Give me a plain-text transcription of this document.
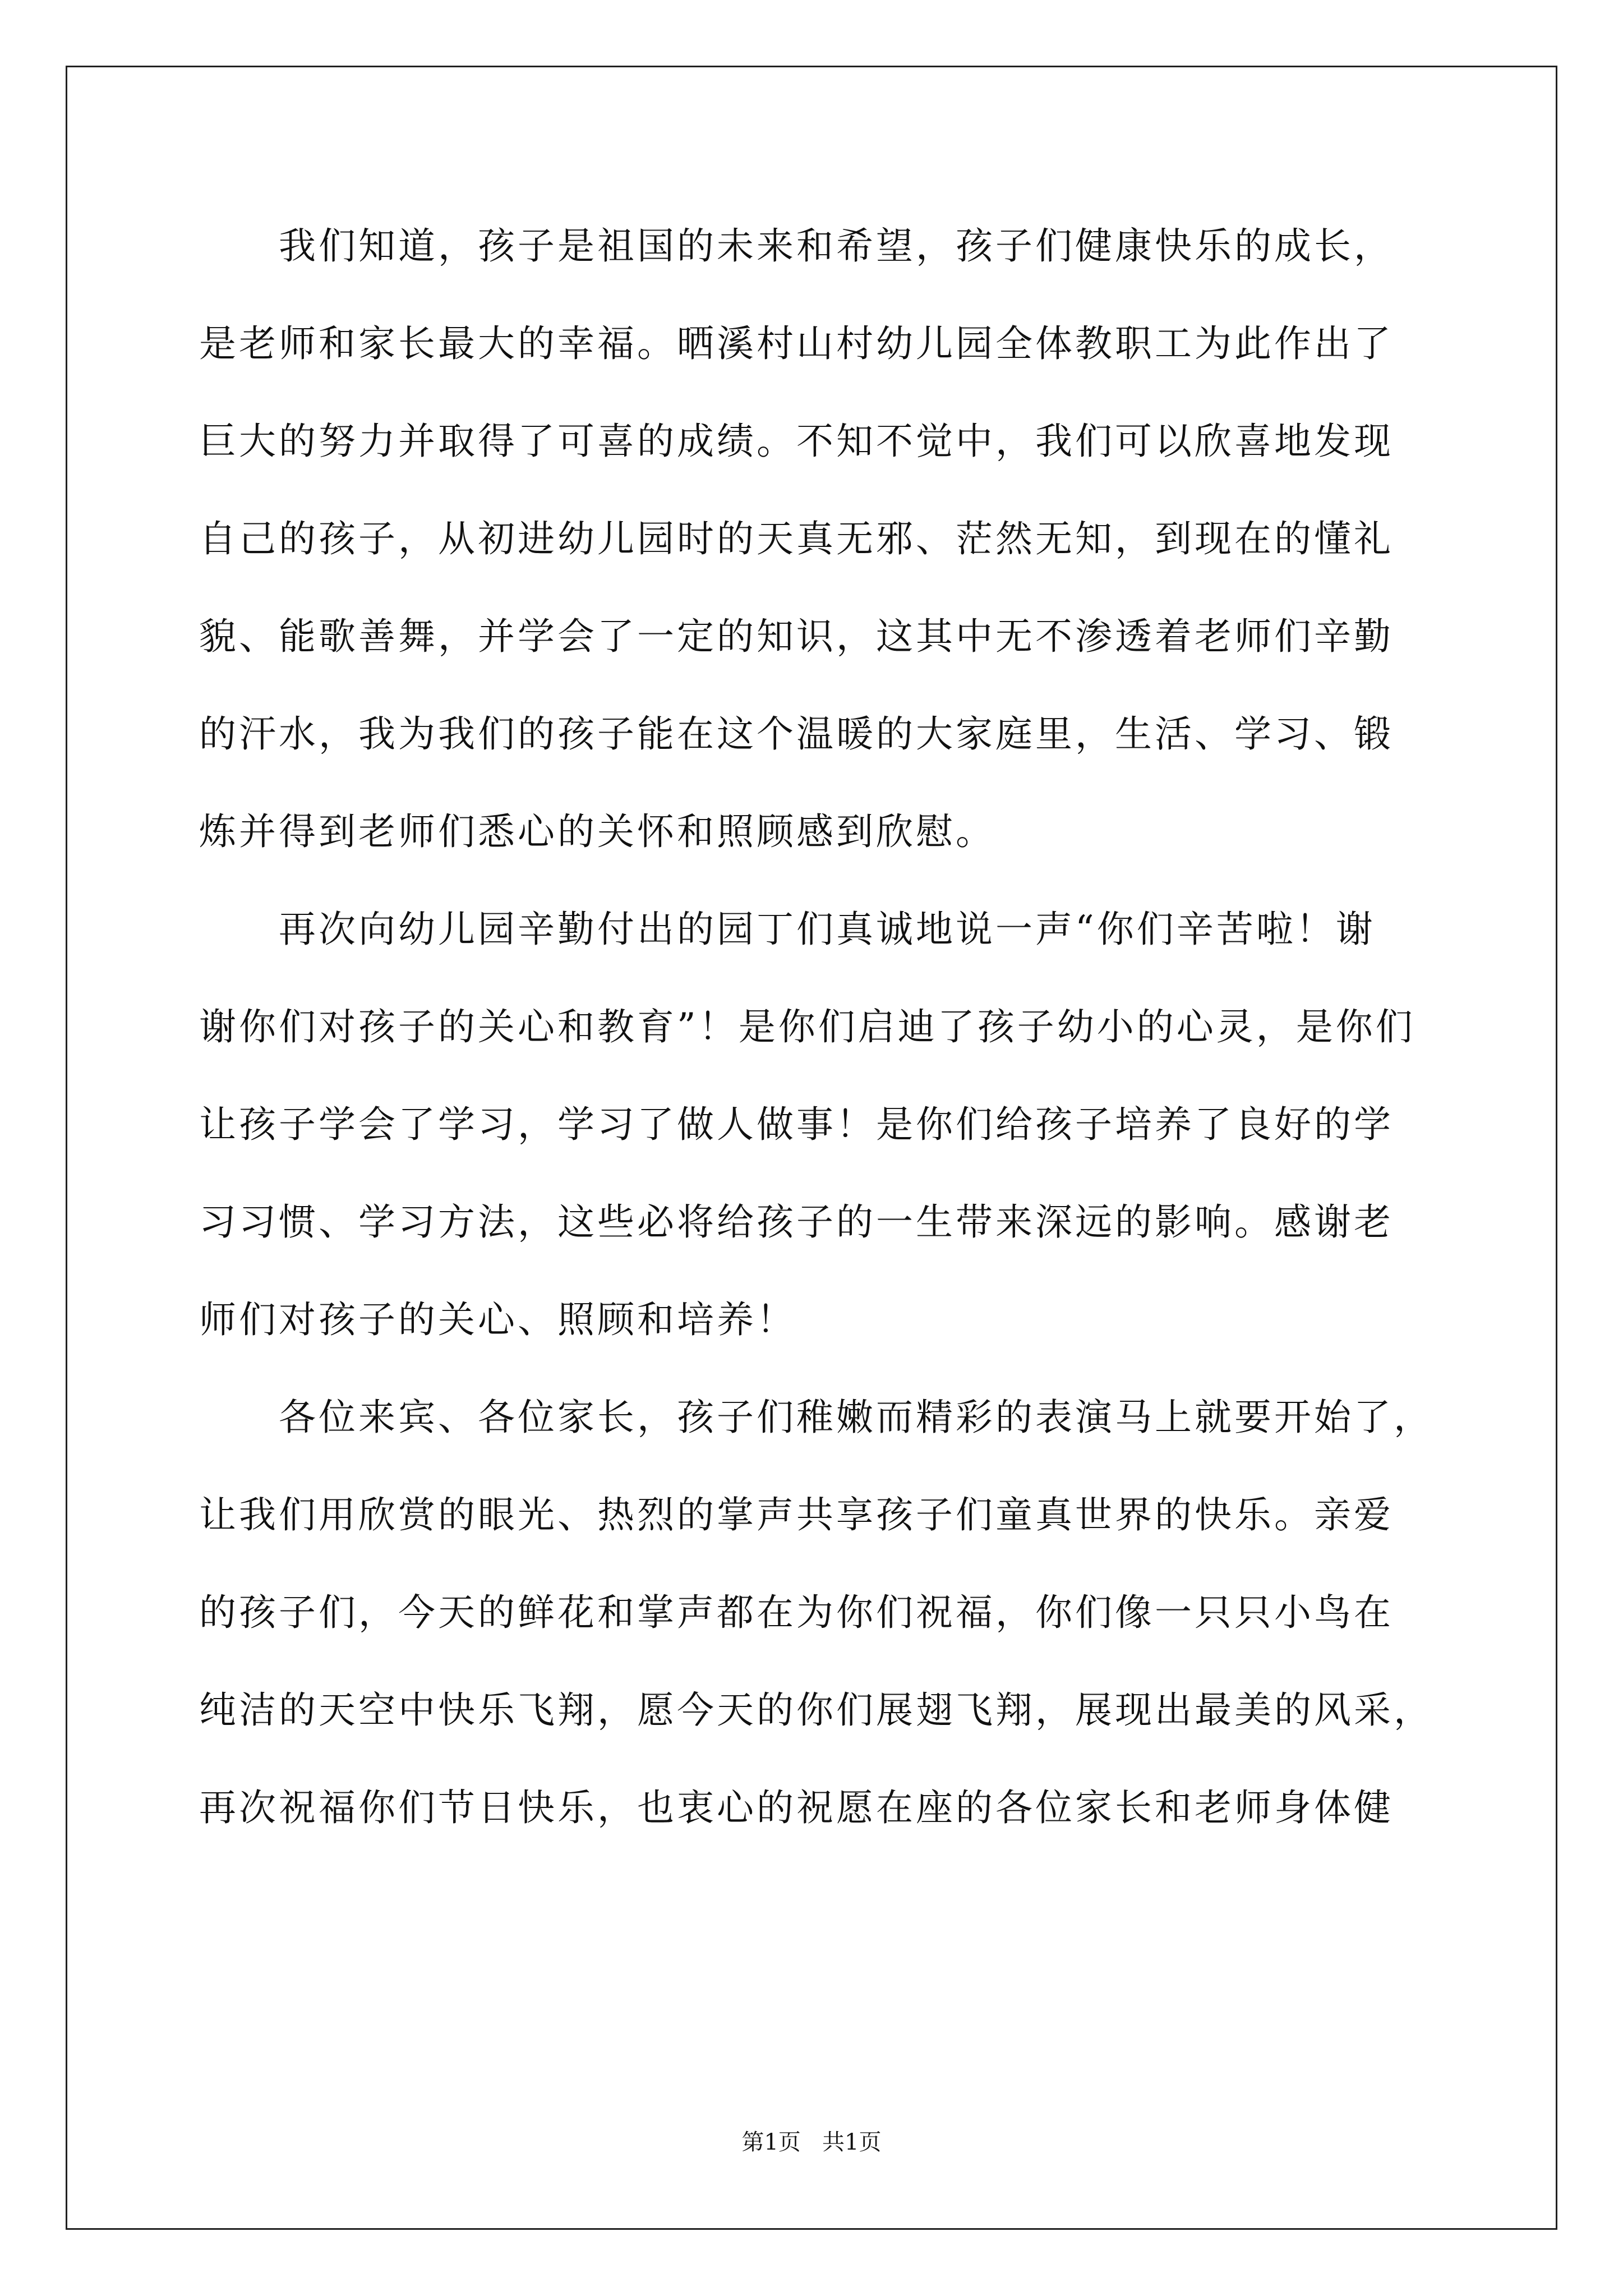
　　我们知道，孩子是祖国的未来和希望，孩子们健康快乐的成长，
是老师和家长最大的幸福。晒溪村山村幼儿园全体教职工为此作出了
巨大的努力并取得了可喜的成绩。不知不觉中，我们可以欣喜地发现
自己的孩子，从初进幼儿园时的天真无邪、茫然无知，到现在的懂礼
貌、能歌善舞，并学会了一定的知识，这其中无不渗透着老师们辛勤
的汗水，我为我们的孩子能在这个温暖的大家庭里，生活、学习、锻
炼并得到老师们悉心的关怀和照顾感到欣慰。
　　再次向幼儿园辛勤付出的园丁们真诚地说一声“你们辛苦啦！谢
谢你们对孩子的关心和教育”！是你们启迪了孩子幼小的心灵，是你们
让孩子学会了学习，学习了做人做事！是你们给孩子培养了良好的学
习习惯、学习方法，这些必将给孩子的一生带来深远的影响。感谢老
师们对孩子的关心、照顾和培养！
　　各位来宾、各位家长，孩子们稚嫩而精彩的表演马上就要开始了，
让我们用欣赏的眼光、热烈的掌声共享孩子们童真世界的快乐。亲爱
的孩子们，今天的鲜花和掌声都在为你们祝福，你们像一只只小鸟在
纯洁的天空中快乐飞翔，愿今天的你们展翅飞翔，展现出最美的风采，
再次祝福你们节日快乐，也衷心的祝愿在座的各位家长和老师身体健
第1页   共1页
